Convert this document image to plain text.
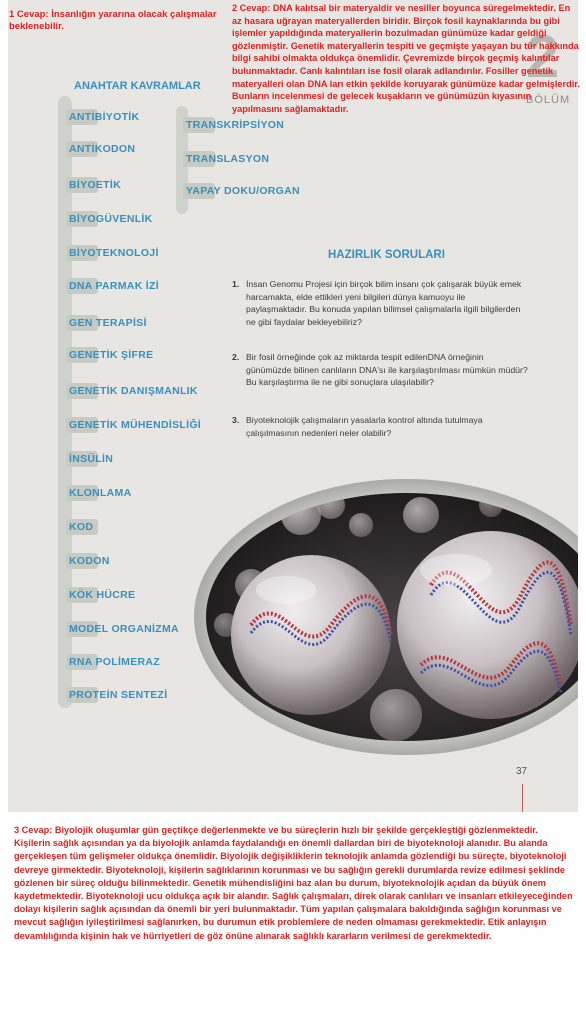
2
BÖLÜM
ANAHTAR KAVRAMLAR
ANTİBİYOTİK
ANTİKODON
BİYOETİK
BİYOGÜVENLİK
BİYOTEKNOLOJİ
DNA PARMAK İZİ
GEN TERAPİSİ
GENETİK ŞİFRE
GENETİK DANIŞMANLIK
GENETİK MÜHENDİSLİĞİ
İNSÜLİN
KLONLAMA
KOD
KODON
KÖK HÜCRE
MODEL ORGANİZMA
RNA POLİMERAZ
PROTEİN SENTEZİ
TRANSKRİPSİYON
TRANSLASYON
YAPAY DOKU/ORGAN
HAZIRLIK SORULARI
1. İnsan Genomu Projesi için birçok bilim insanı çok çalışarak büyük emek harcamakta, elde ettikleri yeni bilgileri dünya kamuoyu ile paylaşmaktadır. Bu konuda yapılan bilimsel çalışmalarla ilgili bilgilerden ne gibi faydalar bekleyebiliriz?
2. Bir fosil örneğinde çok az miktarda tespit edilenDNA örneğinin günümüzde bilinen canlıların DNA'sı ile karşılaştırılması mümkün müdür? Bu karşılaştırma ile ne gibi sonuçlara ulaşılabilir?
3. Biyoteknolojik çalışmaların yasalarla kontrol altında tutulmaya çalışılmasının nedenleri neler olabilir?
37
1 Cevap: İnsanlığın yararına olacak çalışmalar beklenebilir.
2 Cevap: DNA kalıtsal bir materyaldir ve nesiller boyunca süregelmektedir. En az hasara uğrayan materyallerden biridir. Birçok fosil kaynaklarında bu gibi işlemler yapıldığında materyallerin bozulmadan günümüze kadar geldiği gözlenmiştir. Genetik materyallerin tespiti ve geçmişte yaşayan bu tür hakkında bilgi sahibi olmakta oldukça önemlidir. Çevremizde birçok geçmiş kalıntılar bulunmaktadır. Canlı kalıntıları ise fosil olarak adlandırılır. Fosiller genetik materyalleri olan DNA ları etkin şekilde koruyarak günümüze kadar gelmişlerdir. Bunların incelenmesi de gelecek kuşakların ve günümüzün kıyasının yapılmasını sağlamaktadır.
3 Cevap: Biyolojik oluşumlar gün geçtikçe değerlenmekte ve bu süreçlerin hızlı bir şekilde gerçekleştiği gözlenmektedir. Kişilerin sağlık açısından ya da biyolojik anlamda faydalandığı en önemli dallardan biri de biyoteknoloji alanıdır. Bu alanda gerçekleşen tüm gelişmeler oldukça önemlidir. Biyolojik değişikliklerin teknolojik anlamda gözlendiği bu süreçte, biyoteknoloji devreye girmektedir. Biyoteknoloji, kişilerin sağlıklarının korunması ve bu sağlığın gerekli durumlarda revize edilmesi şeklinde gözlenen bir süreç olduğu bilinmektedir. Genetik mühendisliğini baz alan bu durum, biyoteknolojik açıdan da büyük önem kaydetmektedir. Biyoteknoloji ucu oldukça açık bir alandır. Sağlık çalışmaları, direk olarak canlıları ve insanları etkileyeceğinden dolayı kişilerin sağlık açısından da önemli bir yeri bulunmaktadır. Tüm yapılan çalışmalara bakıldığında sağlığın korunması ve mevcut sağlığın iyileştirilmesi sağlanırken, bu durumun etik problemlere de neden olmaması gerekmektedir. Etik anlayışın devamlılığında kişinin hak ve hürriyetleri de göz önüne alınarak sağlıklı kararların verilmesi de gerekmektedir.
